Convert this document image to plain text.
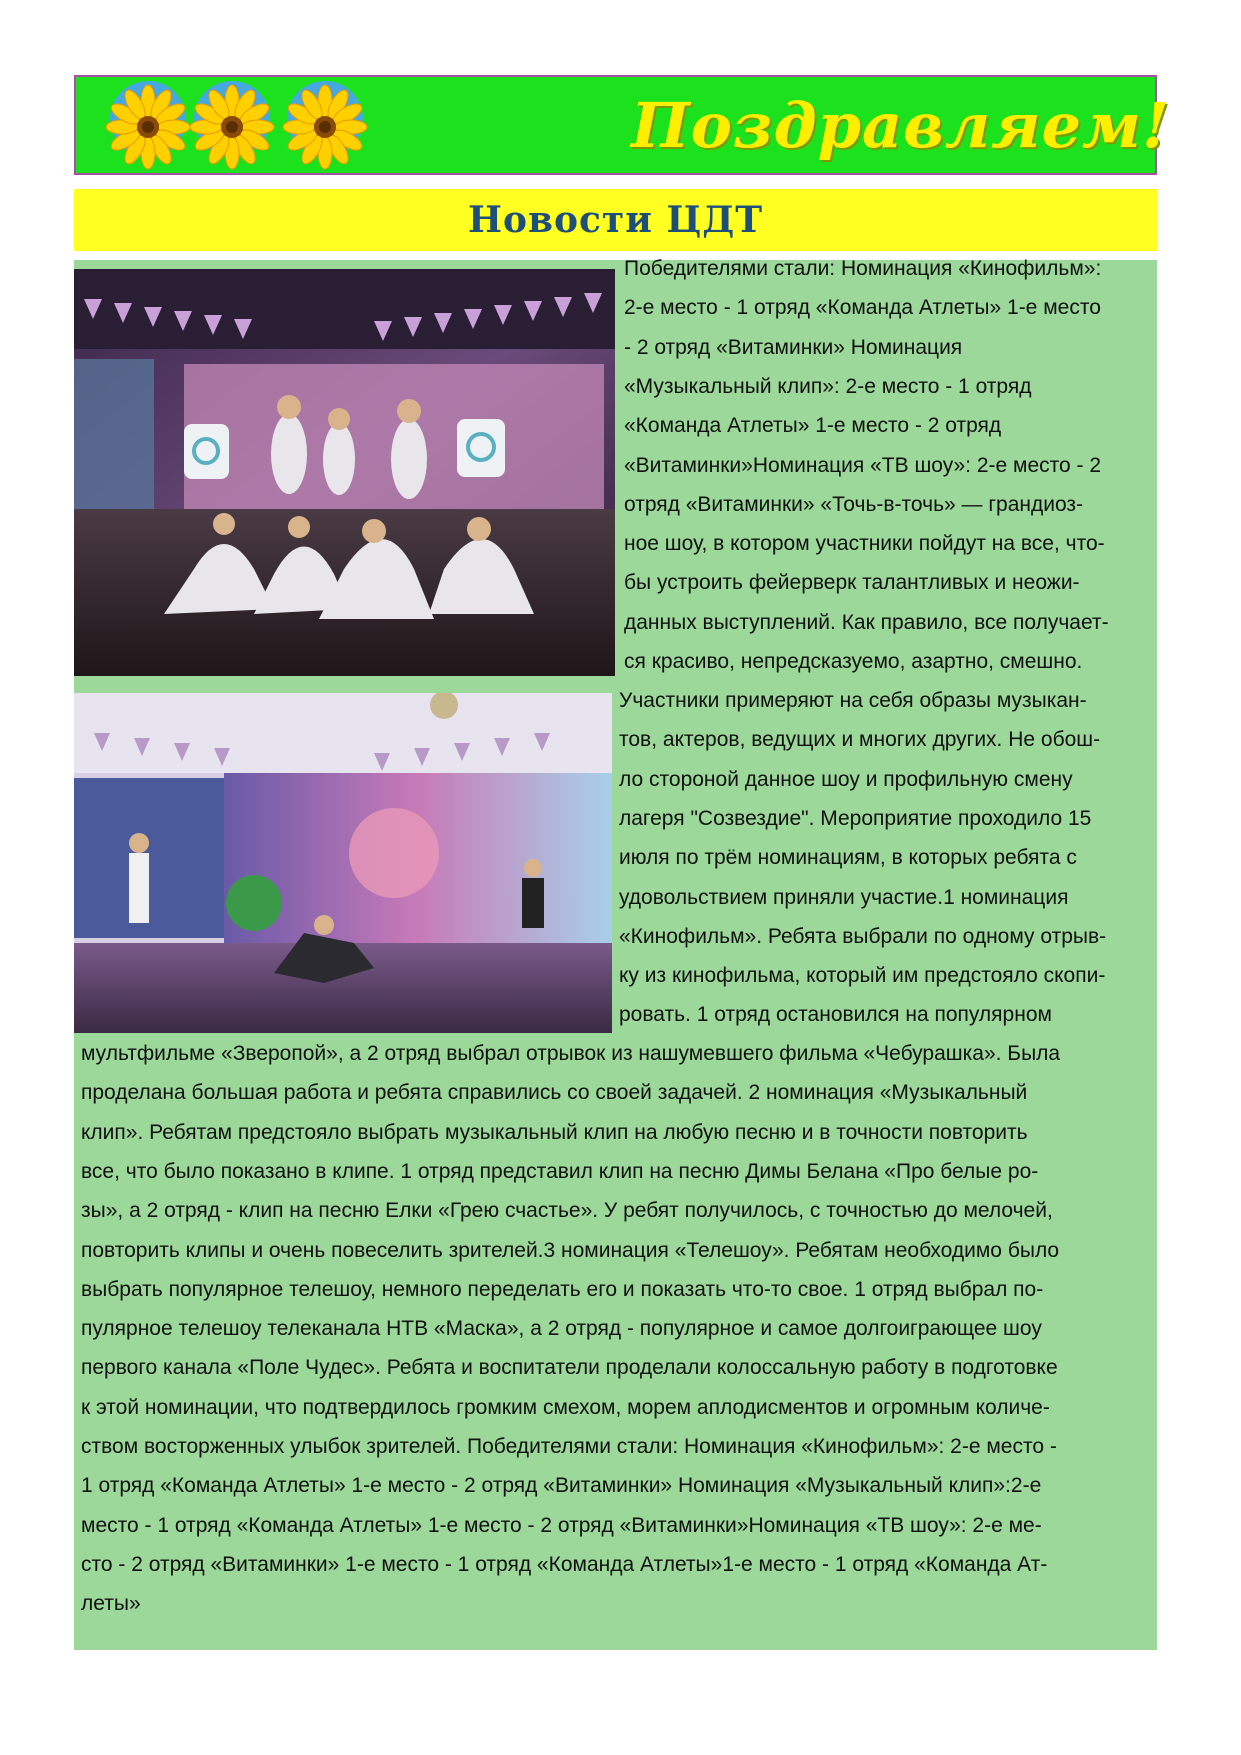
Поздравляем!
Новости ЦДТ
Победителями стали: Номинация «Кинофильм»:
2-е место - 1 отряд «Команда Атлеты» 1-е место
- 2 отряд «Витаминки» Номинация
«Музыкальный клип»: 2-е место - 1 отряд
«Команда Атлеты» 1-е место - 2 отряд
«Витаминки»Номинация «ТВ шоу»: 2-е место - 2
отряд «Витаминки» «Точь-в-точь» — грандиоз-
ное шоу, в котором участники пойдут на все, что-
бы устроить фейерверк талантливых и неожи-
данных выступлений. Как правило, все получает-
ся красиво, непредсказуемо, азартно, смешно.
Участники примеряют на себя образы музыкан-
тов, актеров, ведущих и многих других. Не обош-
ло стороной данное шоу и профильную смену
лагеря "Созвездие". Мероприятие проходило 15
июля по трём номинациям, в которых ребята с
удовольствием приняли участие.1 номинация
«Кинофильм». Ребята выбрали по одному отрыв-
ку из кинофильма, который им предстояло скопи-
ровать. 1 отряд остановился на популярном
мультфильме «Зверопой», а 2 отряд выбрал отрывок из нашумевшего фильма «Чебурашка». Была
проделана большая работа и ребята справились со своей задачей. 2 номинация «Музыкальный
клип». Ребятам предстояло выбрать музыкальный клип на любую песню и в точности повторить
все, что было показано в клипе. 1 отряд представил клип на песню Димы Белана «Про белые ро-
зы», а 2 отряд - клип на песню Елки «Грею счастье». У ребят получилось, с точностью до мелочей,
повторить клипы и очень повеселить зрителей.3 номинация «Телешоу». Ребятам необходимо было
выбрать популярное телешоу, немного переделать его и показать что-то свое. 1 отряд выбрал по-
пулярное телешоу телеканала НТВ «Маска», а 2 отряд - популярное и самое долгоиграющее шоу
первого канала «Поле Чудес». Ребята и воспитатели проделали колоссальную работу в подготовке
к этой номинации, что подтвердилось громким смехом, морем аплодисментов и огромным количе-
ством восторженных улыбок зрителей. Победителями стали: Номинация «Кинофильм»: 2-е место -
1 отряд «Команда Атлеты» 1-е место - 2 отряд «Витаминки» Номинация «Музыкальный клип»:2-е
место - 1 отряд «Команда Атлеты» 1-е место - 2 отряд «Витаминки»Номинация «ТВ шоу»: 2-е ме-
сто - 2 отряд «Витаминки» 1-е место - 1 отряд «Команда Атлеты»1-е место - 1 отряд «Команда Ат-
леты»
